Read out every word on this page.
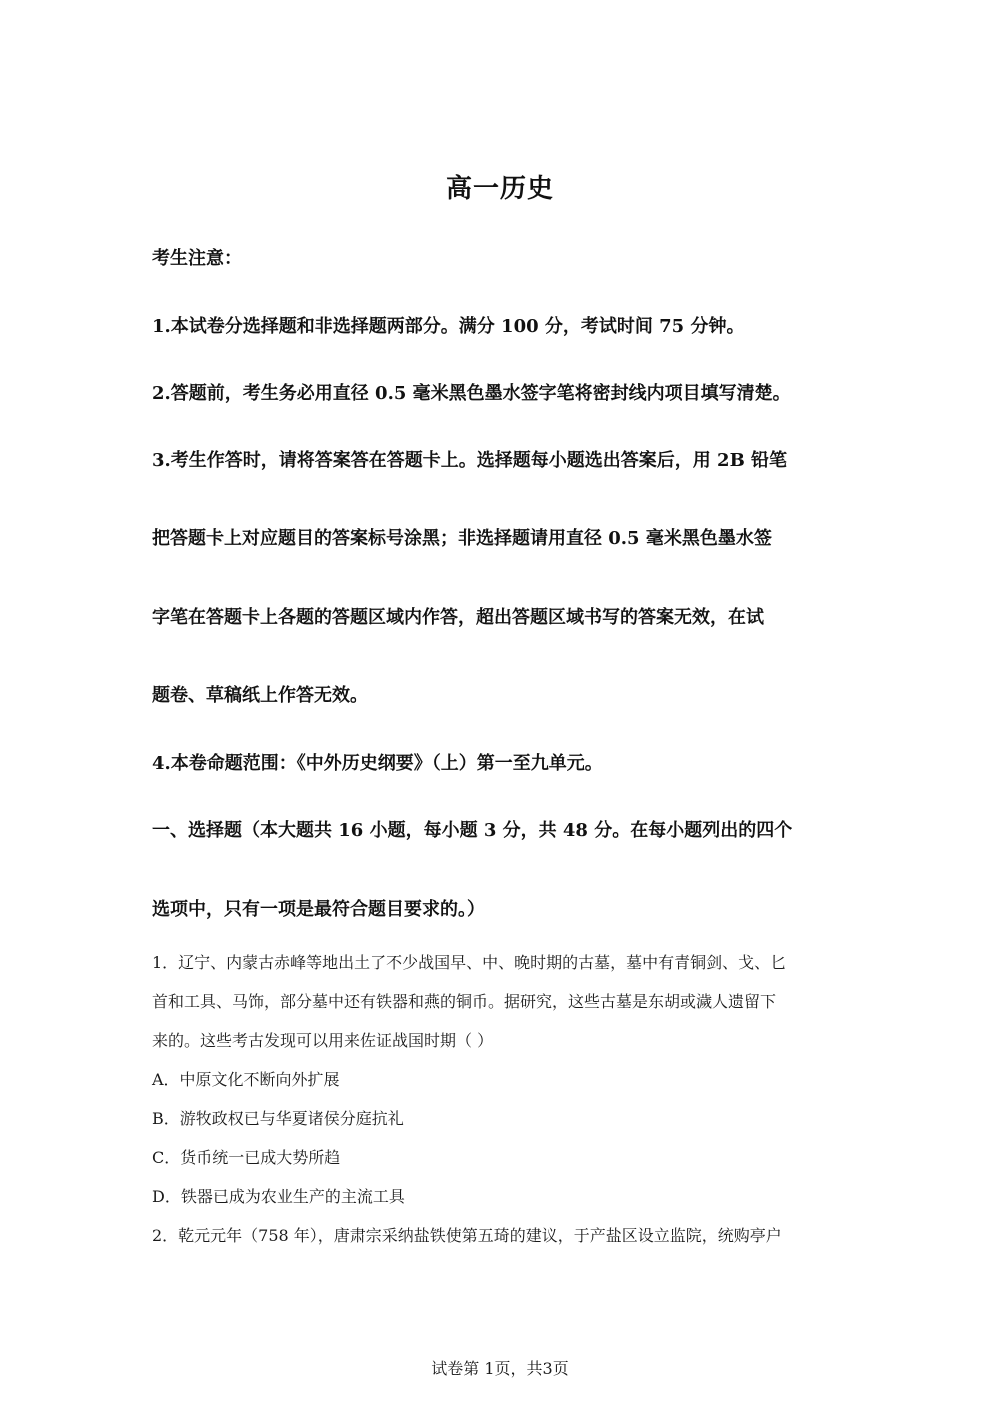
高一历史
考生注意：
1.本试卷分选择题和非选择题两部分。满分 100 分，考试时间 75 分钟。
2.答题前，考生务必用直径 0.5 毫米黑色墨水签字笔将密封线内项目填写清楚。
3.考生作答时，请将答案答在答题卡上。选择题每小题选出答案后，用 2B 铅笔
把答题卡上对应题目的答案标号涂黑；非选择题请用直径 0.5 毫米黑色墨水签
字笔在答题卡上各题的答题区域内作答，超出答题区域书写的答案无效，在试
题卷、草稿纸上作答无效。
4.本卷命题范围：《中外历史纲要》（上）第一至九单元。
一、选择题（本大题共 16 小题，每小题 3 分，共 48 分。在每小题列出的四个
选项中，只有一项是最符合题目要求的。）
1．辽宁、内蒙古赤峰等地出土了不少战国早、中、晚时期的古墓，墓中有青铜剑、戈、匕
首和工具、马饰，部分墓中还有铁器和燕的铜币。据研究，这些古墓是东胡或濊人遗留下
来的。这些考古发现可以用来佐证战国时期（ ）
A．中原文化不断向外扩展
B．游牧政权已与华夏诸侯分庭抗礼
C．货币统一已成大势所趋
D．铁器已成为农业生产的主流工具
2．乾元元年（758 年），唐肃宗采纳盐铁使第五琦的建议，于产盐区设立监院，统购亭户
试卷第 1页，共3页
